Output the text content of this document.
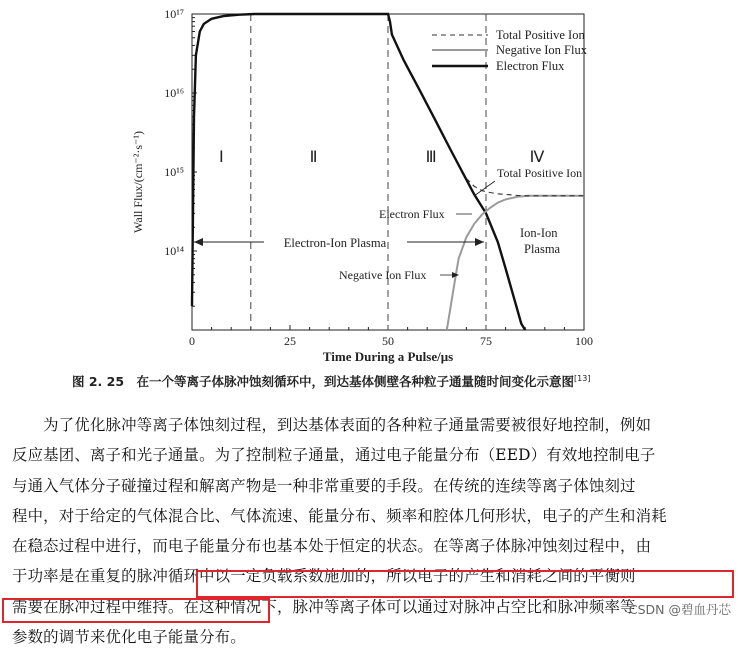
0	25	50	75	100
10¹⁷
10¹⁶
10¹⁵
10¹⁴
Time During a Pulse/μs
Wall Flux/(cm⁻²·s⁻¹)	Ⅰ	Ⅱ	Ⅲ	Ⅳ
Total Positive Ion
Electron Flux
Ion-Ion
Plasma
Electron-Ion Plasma
Negative Ion Flux
Total Positive Ion
Negative Ion Flux
Electron Flux
图 2. 25　在一个等离子体脉冲蚀刻循环中，到达基体侧壁各种粒子通量随时间变化示意图[13]
　　为了优化脉冲等离子体蚀刻过程，到达基体表面的各种粒子通量需要被很好地控制，例如
反应基团、离子和光子通量。为了控制粒子通量，通过电子能量分布（EED）有效地控制电子
与通入气体分子碰撞过程和解离产物是一种非常重要的手段。在传统的连续等离子体蚀刻过
程中，对于给定的气体混合比、气体流速、能量分布、频率和腔体几何形状，电子的产生和消耗
在稳态过程中进行，而电子能量分布也基本处于恒定的状态。在等离子体脉冲蚀刻过程中，由
于功率是在重复的脉冲循环中以一定负载系数施加的，所以电子的产生和消耗之间的平衡则
需要在脉冲过程中维持。在这种情况下，脉冲等离子体可以通过对脉冲占空比和脉冲频率等
参数的调节来优化电子能量分布。
CSDN @碧血丹芯
